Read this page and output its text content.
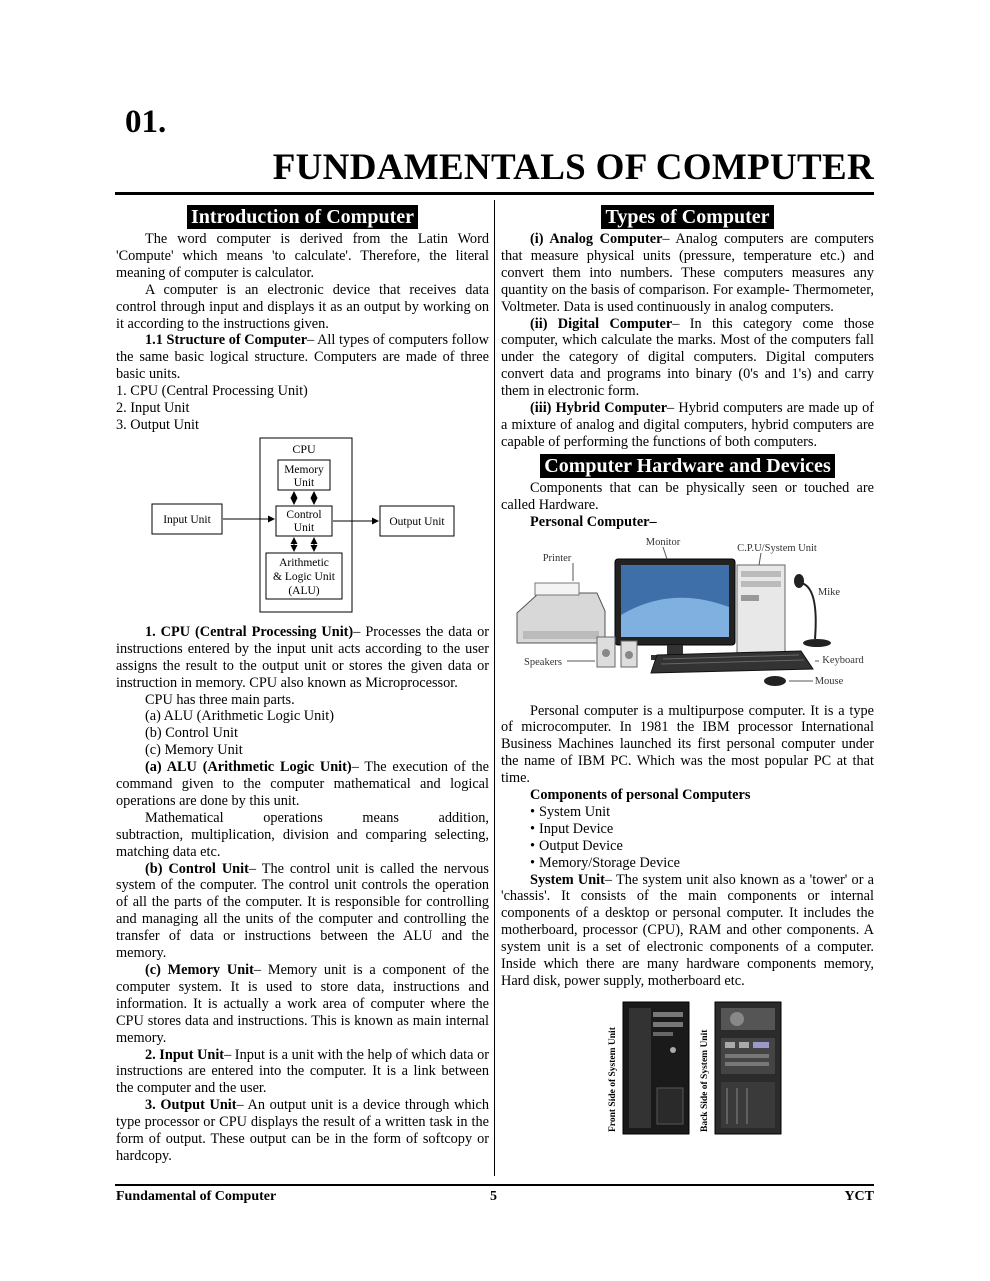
01.
FUNDAMENTALS OF COMPUTER
Introduction of Computer

The word computer is derived from the Latin Word 'Compute' which means 'to calculate'. Therefore, the literal meaning of computer is calculator.

A computer is an electronic device that receives data control through input and displays it as an output by working on it according to the instructions given.

1.1 Structure of Computer– All types of computers follow the same basic logical structure. Computers are made of three basic units.

1. CPU (Central Processing Unit)

2. Input Unit

3. Output Unit

CPU
Memory
Unit
Control
Unit
Arithmetic
& Logic Unit
(ALU)
Input Unit	Output Unit

1. CPU (Central Processing Unit)– Processes the data or instructions entered by the input unit acts according to the user assigns the result to the output unit or stores the given data or instruction in memory. CPU also known as Microprocessor.

CPU has three main parts.

(a) ALU (Arithmetic Logic Unit)

(b) Control Unit

(c) Memory Unit

(a) ALU (Arithmetic Logic Unit)– The execution of the command given to the computer mathematical and logical operations are done by this unit.

Mathematical	operations	means	addition,

subtraction, multiplication, division and comparing selecting, matching data etc.

(b) Control Unit– The control unit is called the nervous system of the computer. The control unit controls the operation of all the parts of the computer. It is responsible for controlling and managing all the units of the computer and controlling the transfer of data or instructions between the ALU and the memory.

(c) Memory Unit– Memory unit is a component of the computer system. It is used to store data, instructions and information. It is actually a work area of computer where the CPU stores data and instructions. This is known as main internal memory.

2. Input Unit– Input is a unit with the help of which data or instructions are entered into the computer. It is a link between the computer and the user.

3. Output Unit– An output unit is a device through which type processor or CPU displays the result of a written task in the form of output. These output can be in the form of softcopy or hardcopy.

Types of Computer

(i) Analog Computer– Analog computers are computers that measure physical units (pressure, temperature etc.) and convert them into numbers. These computers measures any quantity on the basis of comparison. For example- Thermometer, Voltmeter. Data is used continuously in analog computers.

(ii) Digital Computer– In this category come those computer, which calculate the marks. Most of the computers fall under the category of digital computers. Digital computers convert data and programs into binary (0's and 1's) and carry them in electronic form.

(iii) Hybrid Computer– Hybrid computers are made up of a mixture of analog and digital computers, hybrid computers are capable of performing the functions of both computers.

Computer Hardware and Devices

Components that can be physically seen or touched are called Hardware.

Personal Computer–

Printer
Monitor
C.P.U/System Unit
Mike
Speakers	Keyboard
Mouse

Personal computer is a multipurpose computer. It is a type of microcomputer. In 1981 the IBM processor International Business Machines launched its first personal computer under the name of IBM PC. Which was the most popular PC at that time.

Components of personal Computers

• System Unit

• Input Device

• Output Device

• Memory/Storage Device

System Unit– The system unit also known as a 'tower' or a 'chassis'. It consists of the main components or internal components of a desktop or personal computer. It includes the motherboard, processor (CPU), RAM and other components. A system unit is a set of electronic components of a computer. Inside which there are many hardware components memory, Hard disk, power supply, motherboard etc.

Front Side of System Unit	Back Side of System Unit
Fundamental of Computer	5	YCT
